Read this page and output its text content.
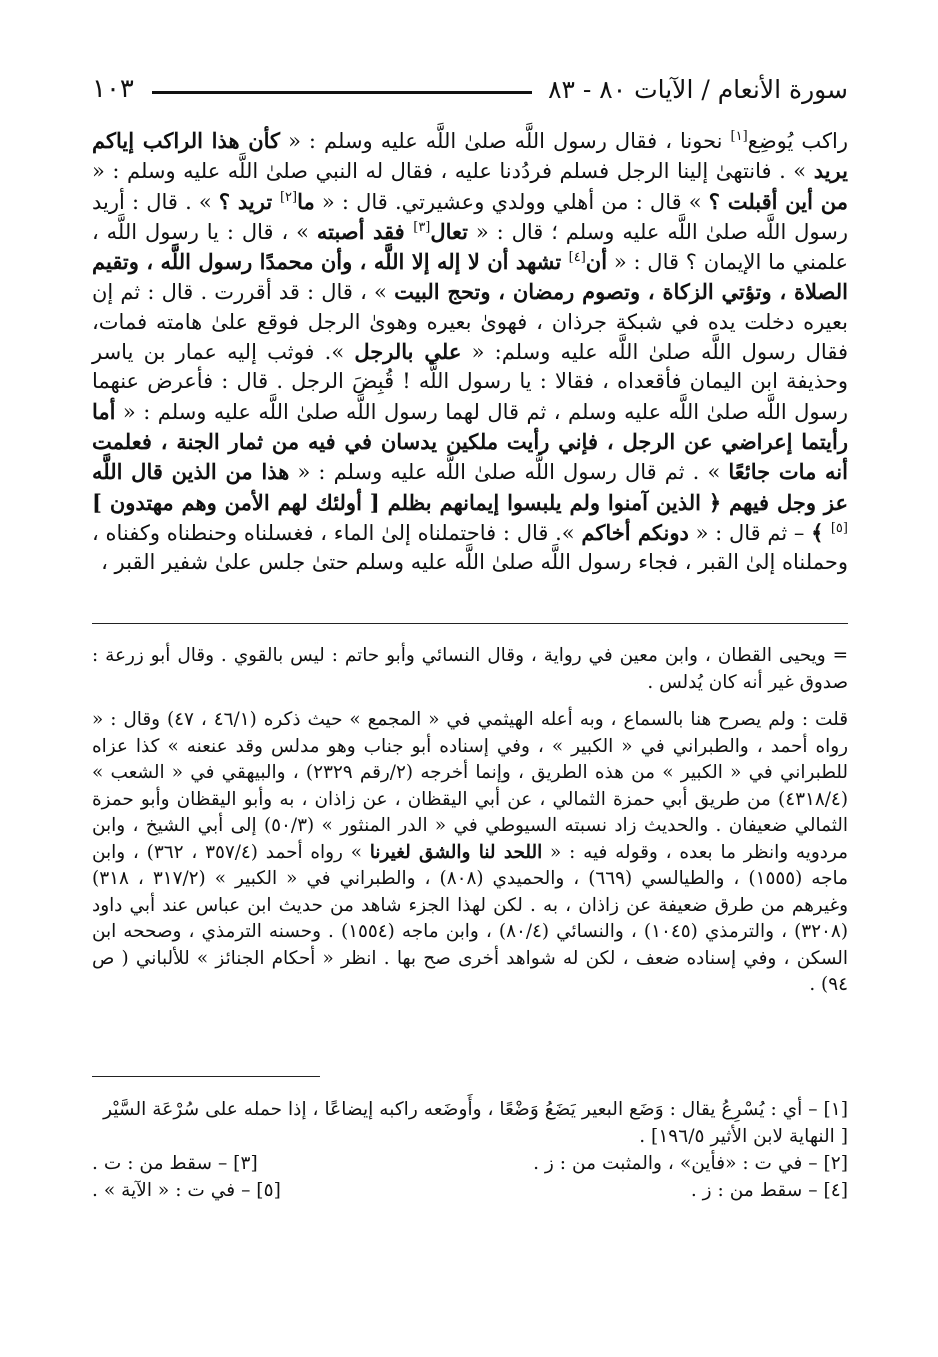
سورة الأنعام / الآيات ٨٠ - ٨٣
١٠٣

راكب يُوضِع[١] نحونا ، فقال رسول اللَّه صلىٰ اللَّه عليه وسلم : « كأن هذا الراكب إياكم يريد » . فانتهىٰ إلينا الرجل فسلم فردُدنا عليه ، فقال له النبي صلىٰ اللَّه عليه وسلم : « من أين أقبلت ؟ » قال : من أهلي وولدي وعشيرتي. قال : « ما[٢] تريد ؟ » . قال : أريد رسول اللَّه صلىٰ اللَّه عليه وسلم ؛ قال : « تعال[٣] فقد أصبته » ، قال : يا رسول اللَّه ، علمني ما الإيمان ؟ قال : « أن[٤] تشهد أن لا إله إلا اللَّه ، وأن محمدًا رسول اللَّه ، وتقيم الصلاة ، وتؤتي الزكاة ، وتصوم رمضان ، وتحج البيت » ، قال : قد أقررت . قال : ثم إن بعيره دخلت يده في شبكة جرذان ، فهوىٰ بعيره وهوىٰ الرجل فوقع علىٰ هامته فمات، فقال رسول اللَّه صلىٰ اللَّه عليه وسلم: « علي بالرجل ». فوثب إليه عمار بن ياسر وحذيفة ابن اليمان فأقعداه ، فقالا : يا رسول اللَّه ! قُبِضَ الرجل . قال : فأعرض عنهما رسول اللَّه صلىٰ اللَّه عليه وسلم ، ثم قال لهما رسول اللَّه صلىٰ اللَّه عليه وسلم : « أما رأيتما إعراضي عن الرجل ، فإني رأيت ملكين يدسان في فيه من ثمار الجنة ، فعلمت أنه مات جائعًا » . ثم قال رسول اللَّه صلىٰ اللَّه عليه وسلم : « هذا من الذين قال اللَّه عز وجل فيهم ﴿ الذين آمنوا ولم يلبسوا إيمانهم بظلم [ أولئك لهم الأمن وهم مهتدون ][٥] ﴾ – ثم قال : « دونكم أخاكم ». قال : فاحتملناه إلىٰ الماء ، فغسلناه وحنطناه وكفناه ، وحملناه إلىٰ القبر ، فجاء رسول اللَّه صلىٰ اللَّه عليه وسلم حتىٰ جلس علىٰ شفير القبر ،

= ويحيى القطان ، وابن معين في رواية ، وقال النسائي وأبو حاتم : ليس بالقوي . وقال أبو زرعة : صدوق غير أنه كان يُدلس .

قلت : ولم يصرح هنا بالسماع ، وبه أعله الهيثمي في « المجمع » حيث ذكره (٤٦/١ ، ٤٧) وقال : « رواه أحمد ، والطبراني في « الكبير » ، وفي إسناده أبو جناب وهو مدلس وقد عنعنه » كذا عزاه للطبراني في « الكبير » من هذه الطريق ، وإنما أخرجه (٢/رقم ٢٣٢٩) ، والبيهقي في « الشعب » (٤٣١٨/٤) من طريق أبي حمزة الثمالي ، عن أبي اليقظان ، عن زاذان ، به وأبو اليقظان وأبو حمزة الثمالي ضعيفان . والحديث زاد نسبته السيوطي في « الدر المنثور » (٥٠/٣) إلى أبي الشيخ ، وابن مردويه وانظر ما بعده ، وقوله فيه : « اللحد لنا والشق لغيرنا » رواه أحمد (٣٥٧/٤ ، ٣٦٢) ، وابن ماجه (١٥٥٥) ، والطيالسي (٦٦٩) ، والحميدي (٨٠٨) ، والطبراني في « الكبير » (٣١٧/٢ ، ٣١٨) وغيرهم من طرق ضعيفة عن زاذان ، به . لكن لهذا الجزء شاهد من حديث ابن عباس عند أبي داود (٣٢٠٨) ، والترمذي (١٠٤٥) ، والنسائي (٨٠/٤) ، وابن ماجه (١٥٥٤) . وحسنه الترمذي ، وصححه ابن السكن ، وفي إسناده ضعف ، لكن له شواهد أخرى صح بها . انظر « أحكام الجنائز » للألباني ( ص ٩٤) .

[١] – أي : يُسْرِعُ يقال : وَضَع البعير يَضَعُ وَضْعًا ، وأَوضَعه راكبه إيضاعًا ، إذا حمله على سُرْعَة السَّيْر [ النهاية لابن الأثير ١٩٦/٥] .

[٢] – في ت : «فأين» ، والمثبت من : ز .
[٣] – سقط من : ت .
[٤] – سقط من : ز .
[٥] – في ت : « الآية » .
